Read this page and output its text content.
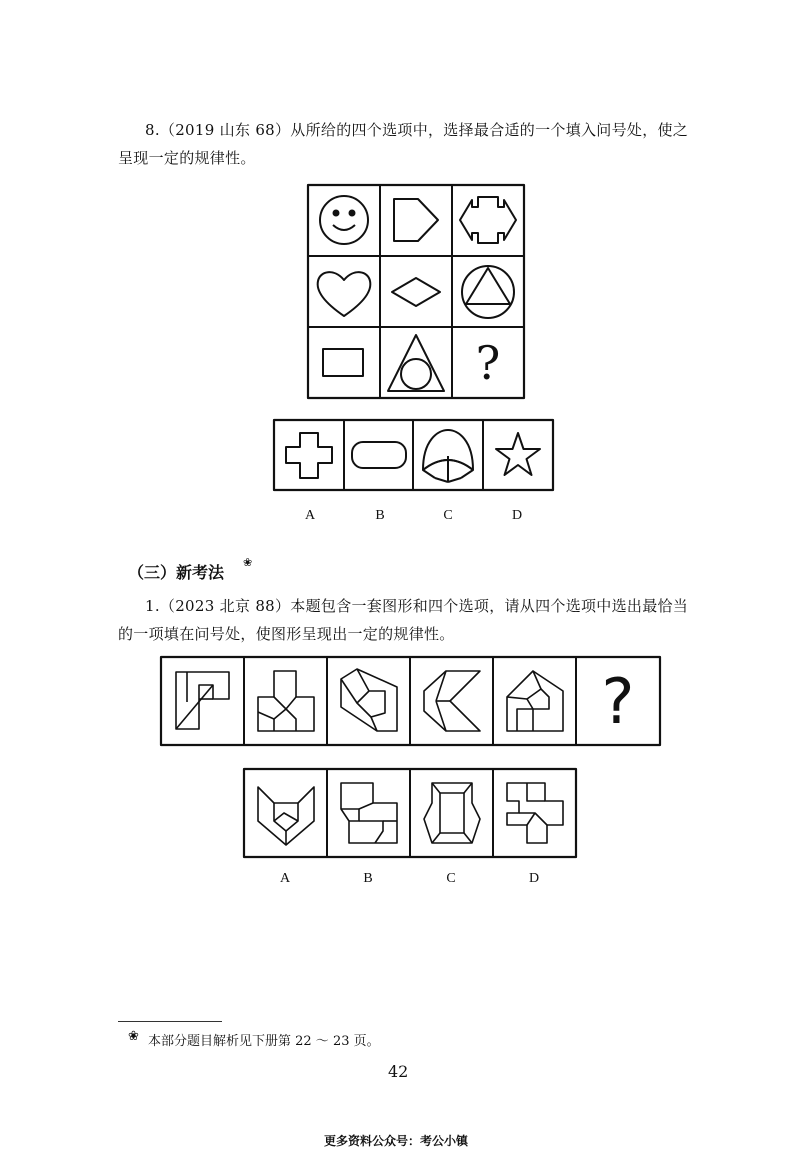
8.（2019 山东 68）从所给的四个选项中，选择最合适的一个填入问号处，使之
呈现一定的规律性。
?
A	B	C	D
（三）新考法
❀
1.（2023 北京 88）本题包含一套图形和四个选项，请从四个选项中选出最恰当
的一项填在问号处，使图形呈现出一定的规律性。
?
A	B	C	D
❀ 本部分题目解析见下册第 22 ～ 23 页。
42
更多资料公众号：考公小镇
